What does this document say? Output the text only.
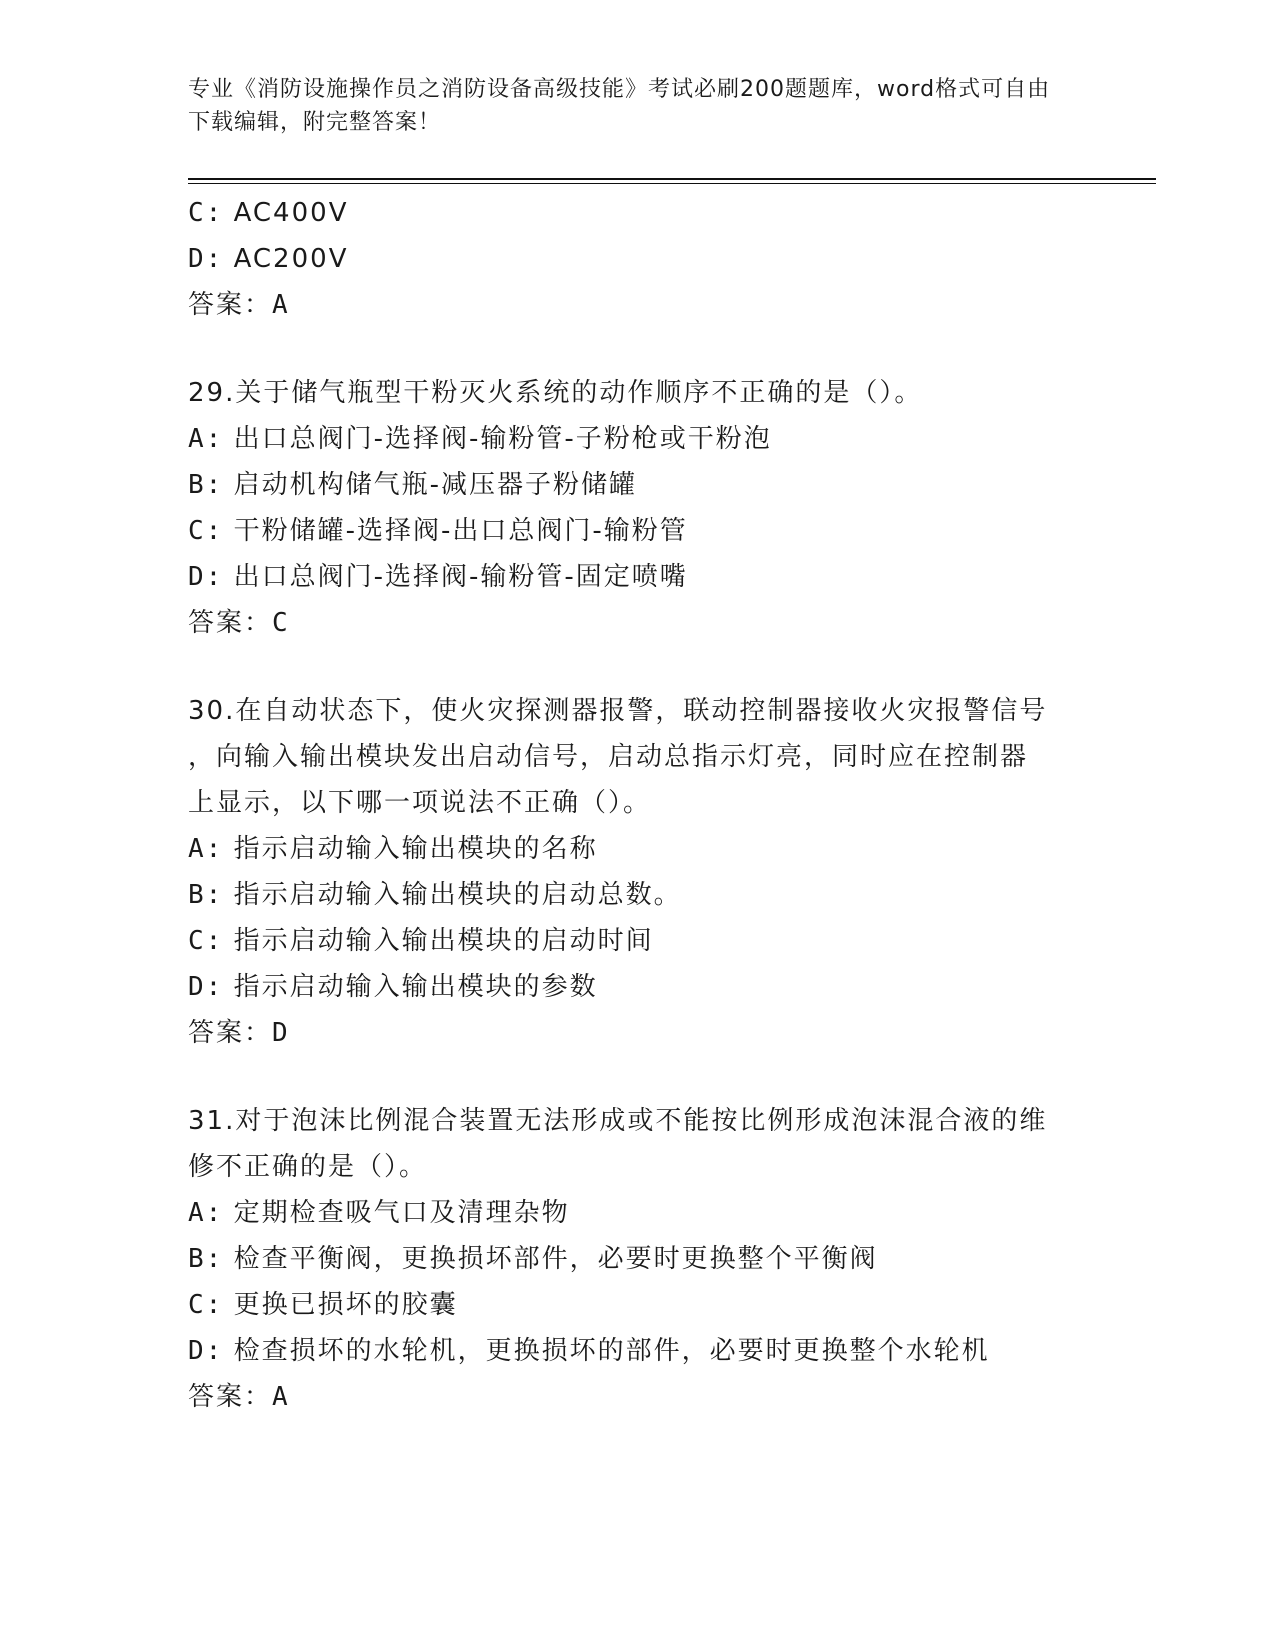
专业《消防设施操作员之消防设备高级技能》考试必刷200题题库，word格式可自由下载编辑，附完整答案！
C: AC400V
D: AC200V
答案：A
29.关于储气瓶型干粉灭火系统的动作顺序不正确的是（）。
A: 出口总阀门-选择阀-输粉管-子粉枪或干粉泡
B: 启动机构储气瓶-减压器子粉储罐
C: 干粉储罐-选择阀-出口总阀门-输粉管
D: 出口总阀门-选择阀-输粉管-固定喷嘴
答案：C
30.在自动状态下，使火灾探测器报警，联动控制器接收火灾报警信号
，向输入输出模块发出启动信号，启动总指示灯亮，同时应在控制器
上显示，以下哪一项说法不正确（）。
A: 指示启动输入输出模块的名称
B: 指示启动输入输出模块的启动总数。
C: 指示启动输入输出模块的启动时间
D: 指示启动输入输出模块的参数
答案：D
31.对于泡沫比例混合装置无法形成或不能按比例形成泡沫混合液的维
修不正确的是（）。
A: 定期检查吸气口及清理杂物
B: 检查平衡阀，更换损坏部件，必要时更换整个平衡阀
C: 更换已损坏的胶囊
D: 检查损坏的水轮机，更换损坏的部件，必要时更换整个水轮机
答案：A
